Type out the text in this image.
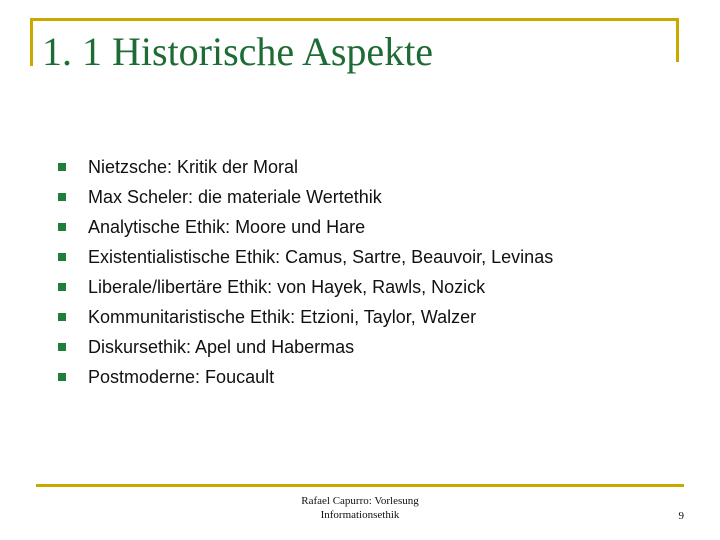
1. 1 Historische Aspekte
Nietzsche: Kritik der Moral
Max Scheler: die materiale Wertethik
Analytische Ethik: Moore und Hare
Existentialistische Ethik: Camus, Sartre, Beauvoir, Levinas
Liberale/libertäre Ethik: von Hayek, Rawls, Nozick
Kommunitaristische Ethik: Etzioni, Taylor, Walzer
Diskursethik: Apel und Habermas
Postmoderne: Foucault
Rafael Capurro: Vorlesung
Informationsethik	9
